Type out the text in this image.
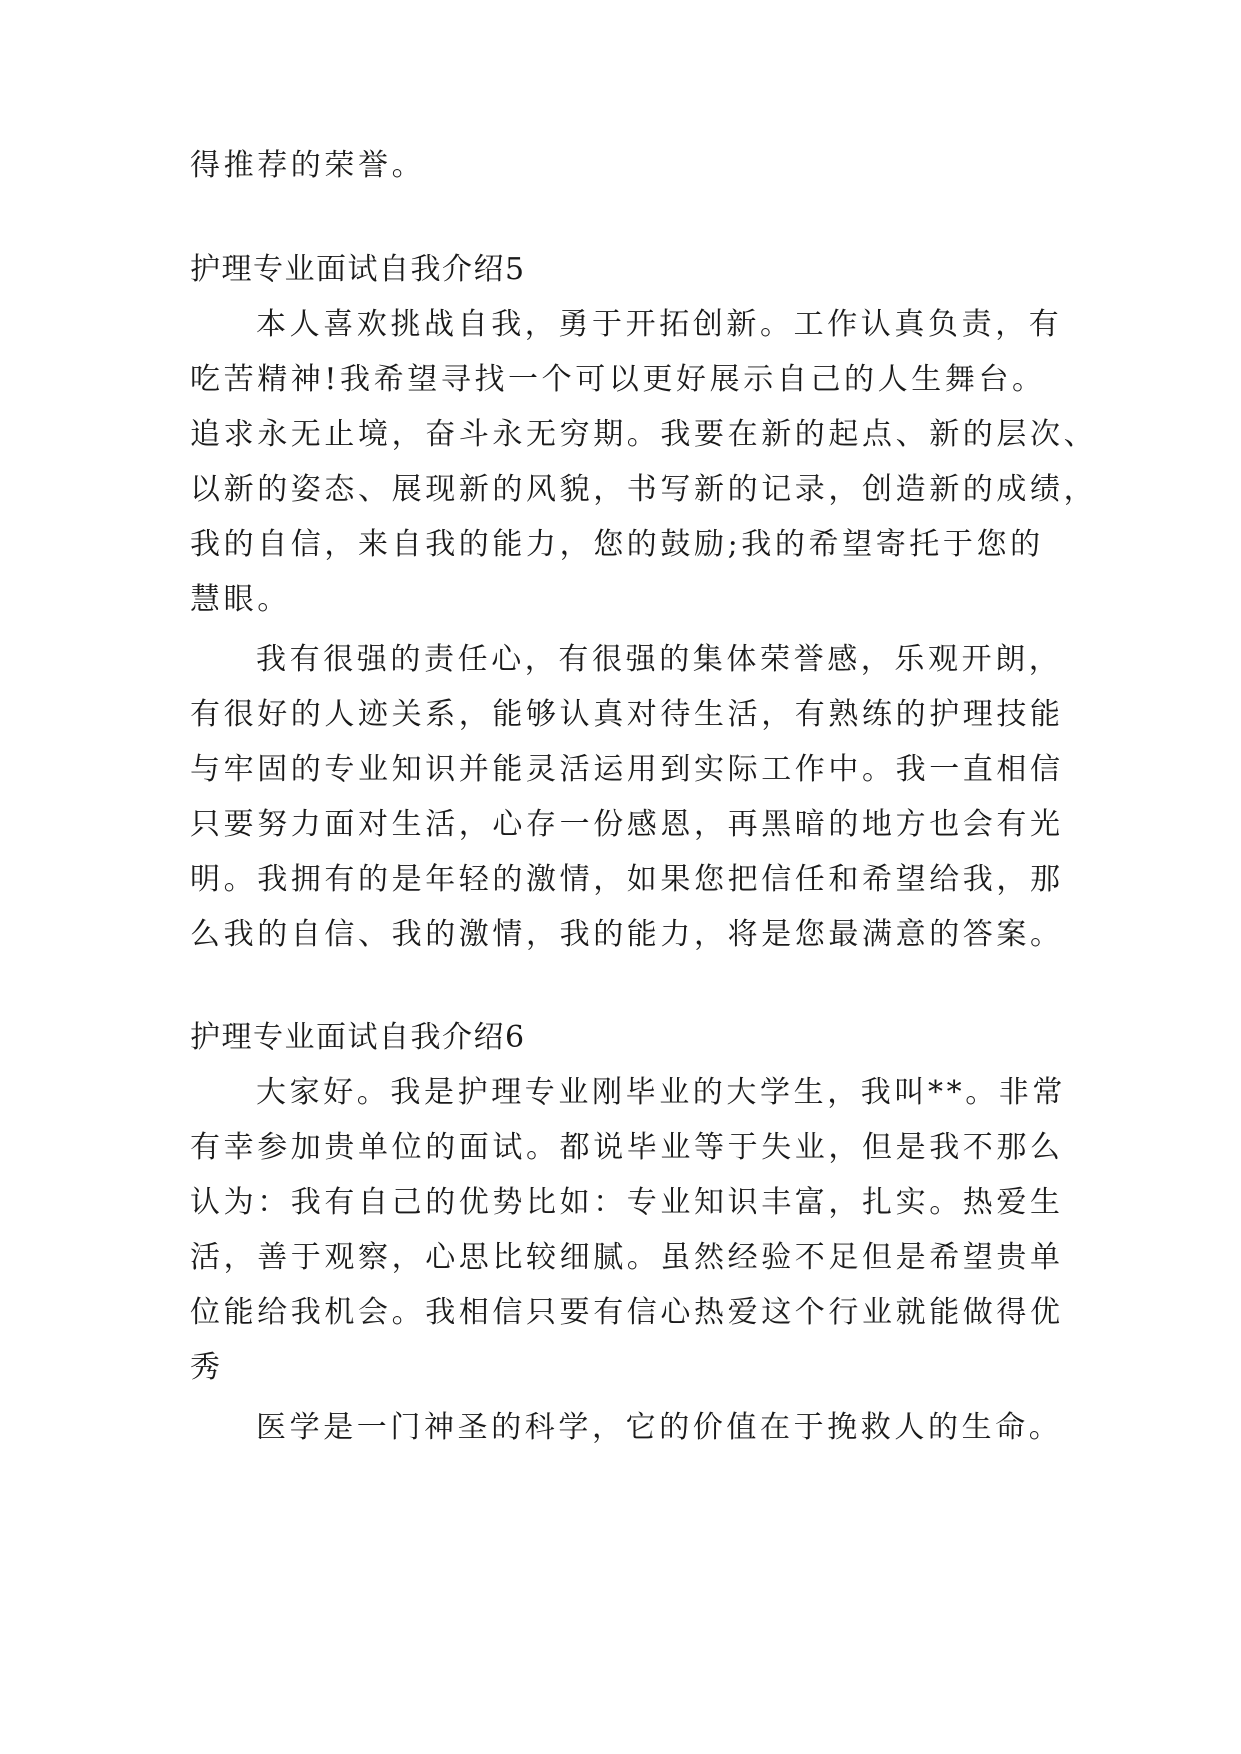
得推荐的荣誉。
护理专业面试自我介绍5
本人喜欢挑战自我，勇于开拓创新。工作认真负责，有
吃苦精神!我希望寻找一个可以更好展示自己的人生舞台。
追求永无止境，奋斗永无穷期。我要在新的起点、新的层次、
以新的姿态、展现新的风貌，书写新的记录，创造新的成绩，
我的自信，来自我的能力，您的鼓励;我的希望寄托于您的
慧眼。
我有很强的责任心，有很强的集体荣誉感，乐观开朗，
有很好的人迹关系，能够认真对待生活，有熟练的护理技能
与牢固的专业知识并能灵活运用到实际工作中。我一直相信
只要努力面对生活，心存一份感恩，再黑暗的地方也会有光
明。我拥有的是年轻的激情，如果您把信任和希望给我，那
么我的自信、我的激情，我的能力，将是您最满意的答案。
护理专业面试自我介绍6
大家好。我是护理专业刚毕业的大学生，我叫**。非常
有幸参加贵单位的面试。都说毕业等于失业，但是我不那么
认为：我有自己的优势比如：专业知识丰富，扎实。热爱生
活，善于观察，心思比较细腻。虽然经验不足但是希望贵单
位能给我机会。我相信只要有信心热爱这个行业就能做得优
秀
医学是一门神圣的科学，它的价值在于挽救人的生命。
